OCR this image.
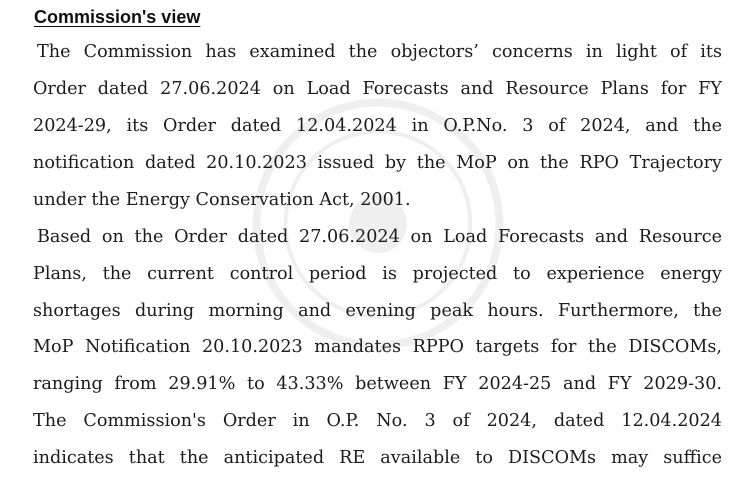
Commission's view
The Commission has examined the objectors’ concerns in light of its
Order dated 27.06.2024 on Load Forecasts and Resource Plans for FY
2024-29, its Order dated 12.04.2024 in O.P.No. 3 of 2024, and the
notification dated 20.10.2023 issued by the MoP on the RPO Trajectory
under the Energy Conservation Act, 2001.
Based on the Order dated 27.06.2024 on Load Forecasts and Resource
Plans, the current control period is projected to experience energy
shortages during morning and evening peak hours. Furthermore, the
MoP Notification 20.10.2023 mandates RPPO targets for the DISCOMs,
ranging from 29.91% to 43.33% between FY 2024-25 and FY 2029-30.
The Commission's Order in O.P. No. 3 of 2024, dated 12.04.2024
indicates that the anticipated RE available to DISCOMs may suffice
